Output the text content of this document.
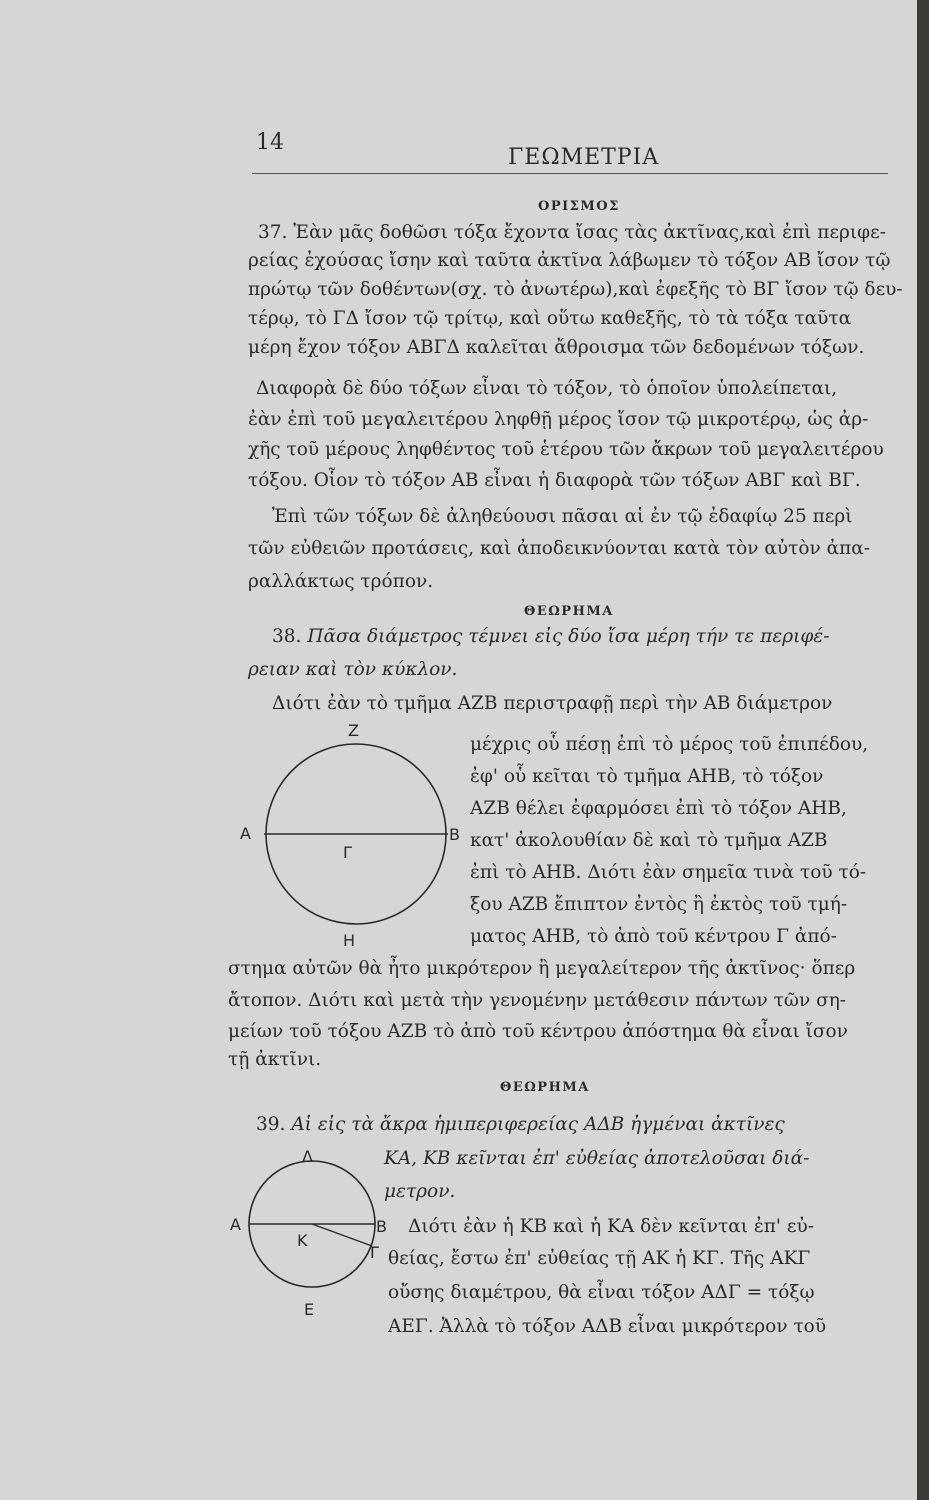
14
ΓΕΩΜΕΤΡΙΑ
ΟΡΙΣΜΟΣ
37. Ἐὰν μᾶς δοθῶσι τόξα ἔχοντα ἴσας τὰς ἀκτῖνας,καὶ ἐπὶ περιφε-
ρείας ἐχούσας ἴσην καὶ ταῦτα ἀκτῖνα λάβωμεν τὸ τόξον ΑΒ ἴσον τῷ
πρώτῳ τῶν δοθέντων(σχ. τὸ ἀνωτέρω),καὶ ἐφεξῆς τὸ ΒΓ ἴσον τῷ δευ-
τέρῳ, τὸ ΓΔ ἴσον τῷ τρίτῳ, καὶ οὕτω καθεξῆς, τὸ τὰ τόξα ταῦτα
μέρη ἔχον τόξον ΑΒΓΔ καλεῖται ἄθροισμα τῶν δεδομένων τόξων.
Διαφορὰ δὲ δύο τόξων εἶναι τὸ τόξον, τὸ ὁποῖον ὑπολείπεται,
ἐὰν ἐπὶ τοῦ μεγαλειτέρου ληφθῇ μέρος ἴσον τῷ μικροτέρῳ, ὡς ἀρ-
χῆς τοῦ μέρους ληφθέντος τοῦ ἑτέρου τῶν ἄκρων τοῦ μεγαλειτέρου
τόξου. Οἷον τὸ τόξον ΑΒ εἶναι ἡ διαφορὰ τῶν τόξων ΑΒΓ καὶ ΒΓ.
Ἐπὶ τῶν τόξων δὲ ἀληθεύουσι πᾶσαι αἱ ἐν τῷ ἐδαφίῳ 25 περὶ
τῶν εὐθειῶν προτάσεις, καὶ ἀποδεικνύονται κατὰ τὸν αὐτὸν ἀπα-
ραλλάκτως τρόπον.
ΘΕΩΡΗΜΑ
38. Πᾶσα διάμετρος τέμνει εἰς δύο ἴσα μέρη τήν τε περιφέ-
ρειαν καὶ τὸν κύκλον.
Διότι ἐὰν τὸ τμῆμα ΑΖΒ περιστραφῇ περὶ τὴν ΑΒ διάμετρον
Z
A
Γ
B
H
μέχρις οὗ πέσῃ ἐπὶ τὸ μέρος τοῦ ἐπιπέδου,
ἐφ' οὗ κεῖται τὸ τμῆμα ΑΗΒ, τὸ τόξον
ΑΖΒ θέλει ἐφαρμόσει ἐπὶ τὸ τόξον ΑΗΒ,
κατ' ἀκολουθίαν δὲ καὶ τὸ τμῆμα ΑΖΒ
ἐπὶ τὸ ΑΗΒ. Διότι ἐὰν σημεῖα τινὰ τοῦ τό-
ξου ΑΖΒ ἔπιπτον ἐντὸς ἢ ἐκτὸς τοῦ τμή-
ματος ΑΗΒ, τὸ ἀπὸ τοῦ κέντρου Γ ἀπό-
στημα αὐτῶν θὰ ἦτο μικρότερον ἢ μεγαλείτερον τῆς ἀκτῖνος· ὅπερ
ἄτοπον. Διότι καὶ μετὰ τὴν γενομένην μετάθεσιν πάντων τῶν ση-
μείων τοῦ τόξου ΑΖΒ τὸ ἀπὸ τοῦ κέντρου ἀπόστημα θὰ εἶναι ἴσον
τῇ ἀκτῖνι.
ΘΕΩΡΗΜΑ
39. Αἱ εἰς τὰ ἄκρα ἡμιπεριφερείας ΑΔΒ ἠγμέναι ἀκτῖνες
ΚΑ, ΚΒ κεῖνται ἐπ' εὐθείας ἀποτελοῦσαι διά-
μετρον.
Δ
A
K
B
Γ
E
Διότι ἐὰν ἡ ΚΒ καὶ ἡ ΚΑ δὲν κεῖνται ἐπ' εὐ-
θείας, ἔστω ἐπ' εὐθείας τῇ ΑΚ ἡ ΚΓ. Τῆς ΑΚΓ
οὔσης διαμέτρου, θὰ εἶναι τόξον ΑΔΓ = τόξῳ
ΑΕΓ. Ἀλλὰ τὸ τόξον ΑΔΒ εἶναι μικρότερον τοῦ
